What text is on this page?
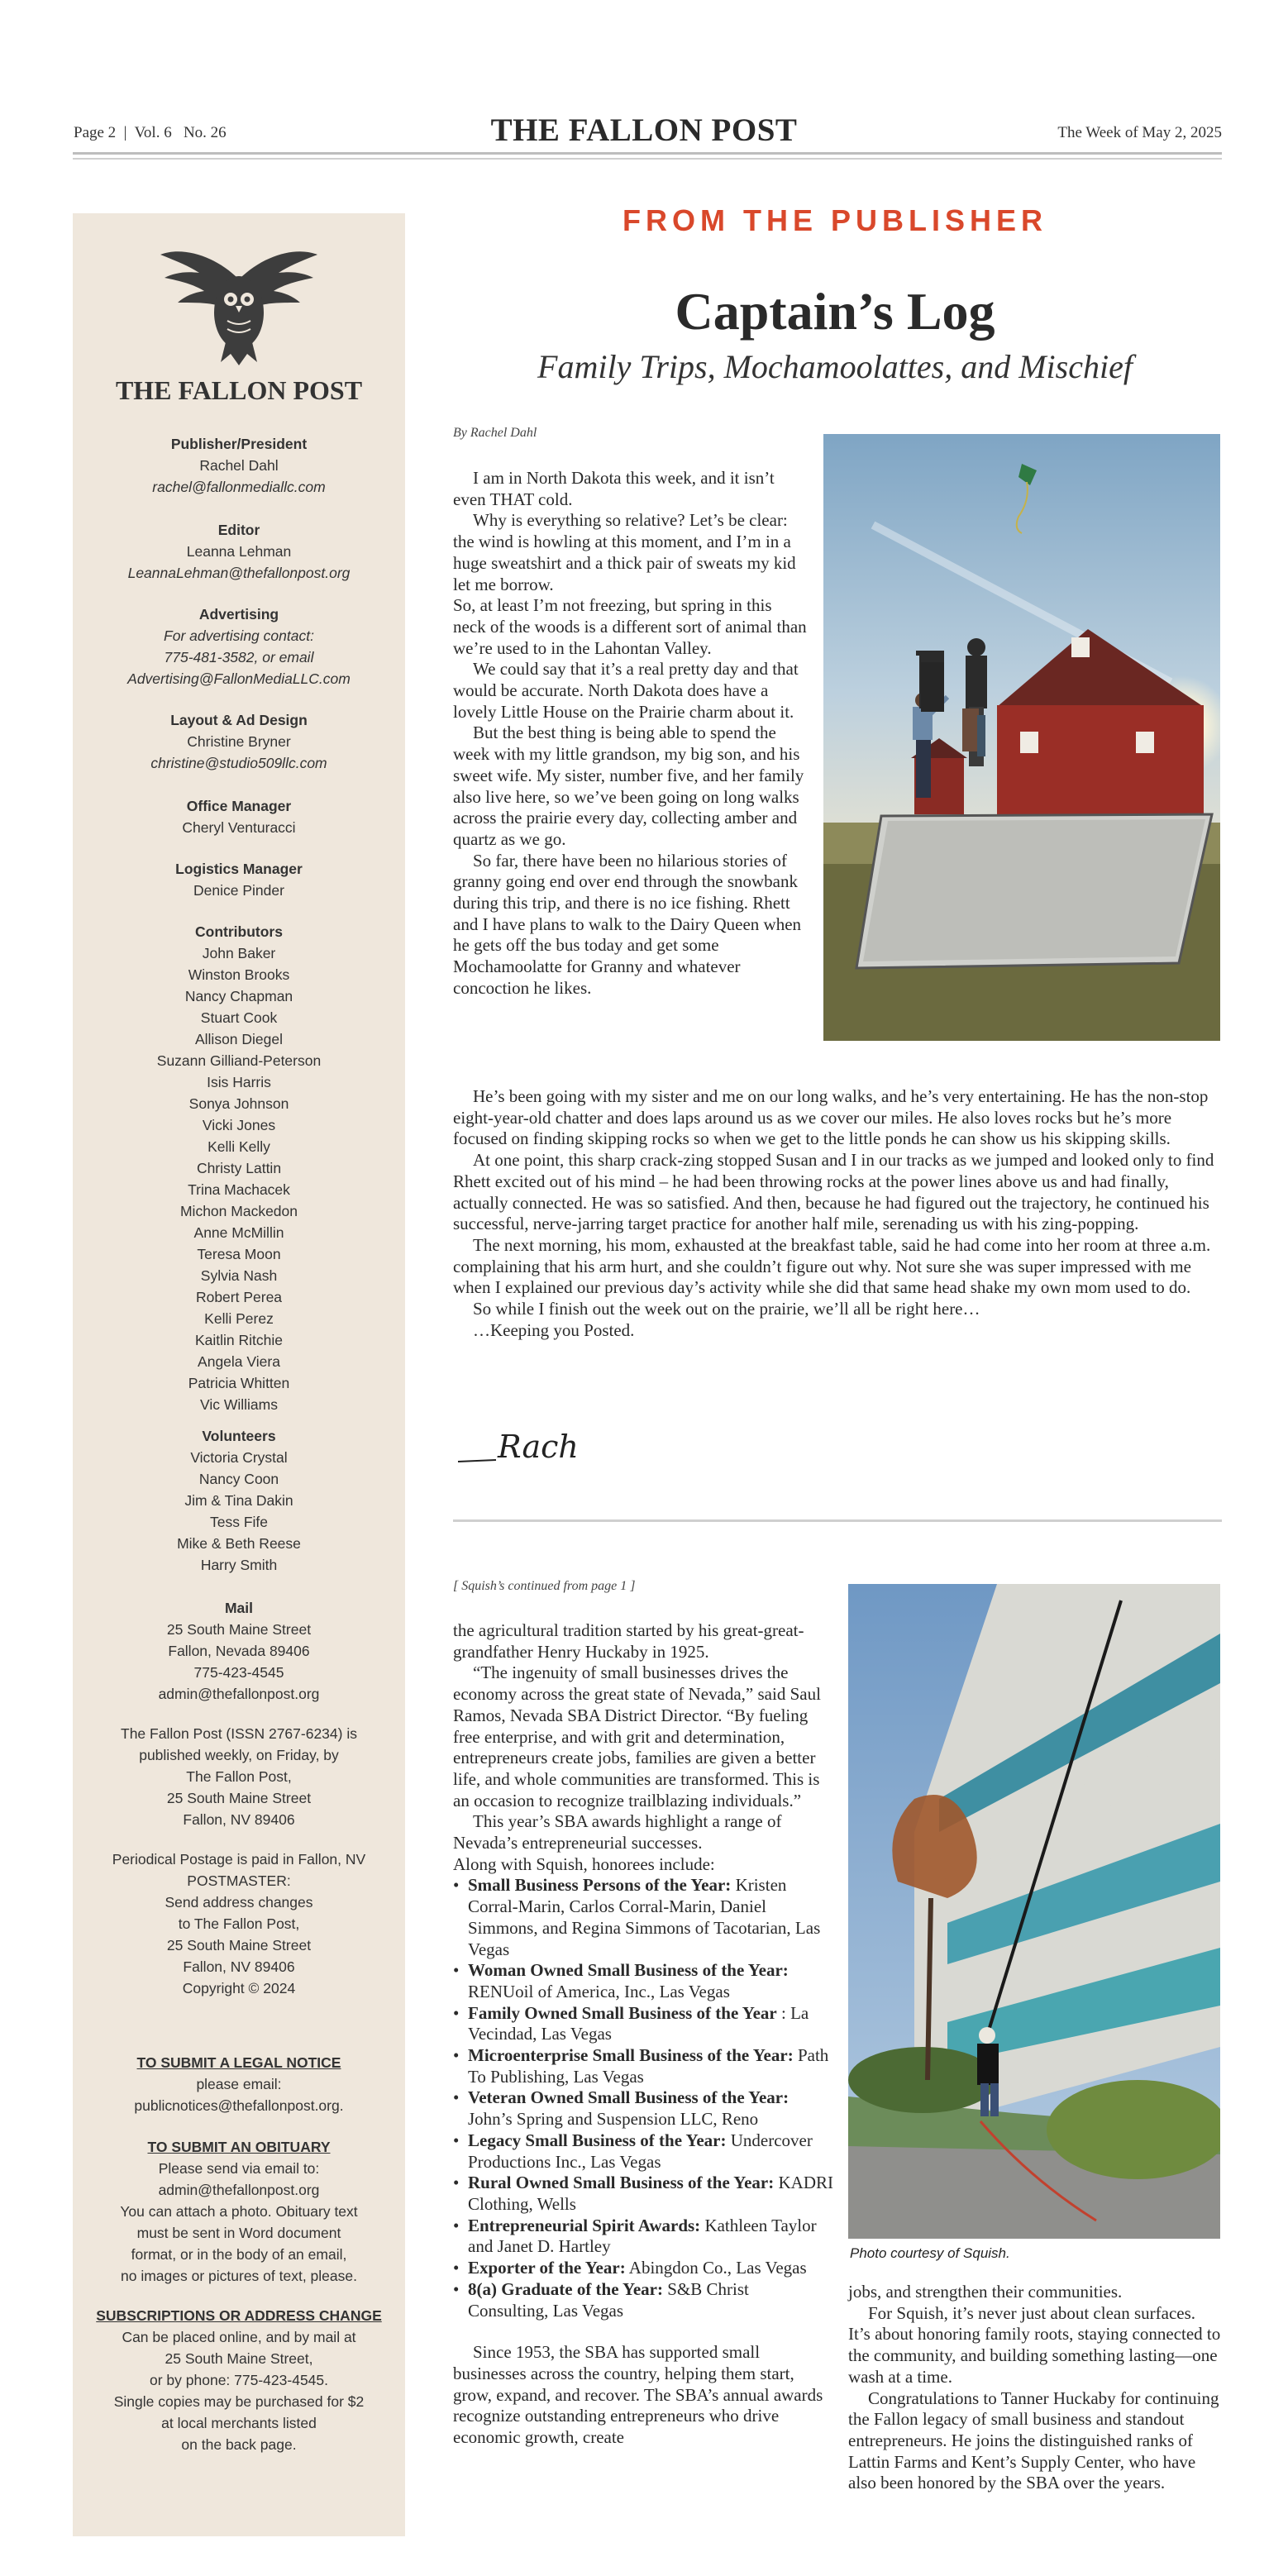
Page 2  |  Vol. 6   No. 26	THE FALLON POST	The Week of May 2, 2025
THE FALLON POST
Publisher/President
Rachel Dahl
rachel@fallonmediallc.com
Editor
Leanna Lehman
LeannaLehman@thefallonpost.org
Advertising
For advertising contact:
775-481-3582, or email
Advertising@FallonMediaLLC.com
Layout & Ad Design
Christine Bryner
christine@studio509llc.com
Office Manager
Cheryl Venturacci
Logistics Manager
Denice Pinder
Contributors
John Baker
Winston Brooks
Nancy Chapman
Stuart Cook
Allison Diegel
Suzann Gilliand-Peterson
Isis Harris
Sonya Johnson
Vicki Jones
Kelli Kelly
Christy Lattin
Trina Machacek
Michon Mackedon
Anne McMillin
Teresa Moon
Sylvia Nash
Robert Perea
Kelli Perez
Kaitlin Ritchie
Angela Viera
Patricia Whitten
Vic Williams
Volunteers
Victoria Crystal
Nancy Coon
Jim & Tina Dakin
Tess Fife
Mike & Beth Reese
Harry Smith
Mail
25 South Maine Street
Fallon, Nevada 89406
775-423-4545
admin@thefallonpost.org
The Fallon Post (ISSN 2767-6234) is
published weekly, on Friday, by
The Fallon Post,
25 South Maine Street
Fallon, NV 89406
Periodical Postage is paid in Fallon, NV
POSTMASTER:
Send address changes
to The Fallon Post,
25 South Maine Street
Fallon, NV 89406
Copyright © 2024
TO SUBMIT A LEGAL NOTICE
please email:
publicnotices@thefallonpost.org.
TO SUBMIT AN OBITUARY
Please send via email to:
admin@thefallonpost.org
You can attach a photo. Obituary text
must be sent in Word document
format, or in the body of an email,
no images or pictures of text, please.
SUBSCRIPTIONS OR ADDRESS CHANGE
Can be placed online, and by mail at
25 South Maine Street,
or by phone: 775-423-4545.
Single copies may be purchased for $2
at local merchants listed
on the back page.
FROM THE PUBLISHER
Captain’s Log
Family Trips, Mochamoolattes, and Mischief
By Rachel Dahl

I am in North Dakota this week, and it isn’t even THAT cold.

Why is everything so relative? Let’s be clear: the wind is howling at this moment, and I’m in a huge sweatshirt and a thick pair of sweats my kid let me borrow.

So, at least I’m not freezing, but spring in this neck of the woods is a different sort of animal than we’re used to in the Lahontan Valley.

We could say that it’s a real pretty day and that would be accurate. North Dakota does have a lovely Little House on the Prairie charm about it.

But the best thing is being able to spend the week with my little grandson, my big son, and his sweet wife. My sister, number five, and her family also live here, so we’ve been going on long walks across the prairie every day, collecting amber and quartz as we go.

So far, there have been no hilarious stories of granny going end over end through the snowbank during this trip, and there is no ice fishing. Rhett and I have plans to walk to the Dairy Queen when he gets off the bus today and get some Mochamoolatte for Granny and whatever concoction he likes.

He’s been going with my sister and me on our long walks, and he’s very entertaining. He has the non-stop eight-year-old chatter and does laps around us as we cover our miles. He also loves rocks but he’s more focused on finding skipping rocks so when we get to the little ponds he can show us his skipping skills.

At one point, this sharp crack-zing stopped Susan and I in our tracks as we jumped and looked only to find Rhett excited out of his mind – he had been throwing rocks at the power lines above us and had finally, actually connected. He was so satisfied. And then, because he had figured out the trajectory, he continued his successful, nerve-jarring target practice for another half mile, serenading us with his zing-popping.

The next morning, his mom, exhausted at the breakfast table, said he had come into her room at three a.m. complaining that his arm hurt, and she couldn’t figure out why. Not sure she was super impressed with me when I explained our previous day’s activity while she did that same head shake my own mom used to do.

So while I finish out the week out on the prairie, we’ll all be right here…

…Keeping you Posted.

Rach
[ Squish’s continued from page 1 ]
Photo courtesy of Squish.

the agricultural tradition started by his great-great-grandfather Henry Huckaby in 1925.

“The ingenuity of small businesses drives the economy across the great state of Nevada,” said Saul Ramos, Nevada SBA District Director. “By fueling free enterprise, and with grit and determination, entrepreneurs create jobs, families are given a better life, and whole communities are transformed. This is an occasion to recognize trailblazing individuals.”

This year’s SBA awards highlight a range of Nevada’s entrepreneurial successes.

Along with Squish, honorees include:

• Small Business Persons of the Year: Kristen Corral-Marin, Carlos Corral-Marin, Daniel Simmons, and Regina Simmons of Tacotarian, Las Vegas
• Woman Owned Small Business of the Year: RENUoil of America, Inc., Las Vegas
• Family Owned Small Business of the Year : La Vecindad, Las Vegas
• Microenterprise Small Business of the Year: Path To Publishing, Las Vegas
• Veteran Owned Small Business of the Year: John’s Spring and Suspension LLC, Reno
• Legacy Small Business of the Year: Undercover Productions Inc., Las Vegas
• Rural Owned Small Business of the Year: KADRI Clothing, Wells
• Entrepreneurial Spirit Awards: Kathleen Taylor and Janet D. Hartley
• Exporter of the Year: Abingdon Co., Las Vegas
• 8(a) Graduate of the Year: S&B Christ Consulting, Las Vegas

Since 1953, the SBA has supported small businesses across the country, helping them start, grow, expand, and recover. The SBA’s annual awards recognize outstanding entrepreneurs who drive economic growth, create

jobs, and strengthen their communities.

For Squish, it’s never just about clean surfaces. It’s about honoring family roots, staying connected to the community, and building something lasting—one wash at a time.

Congratulations to Tanner Huckaby for continuing the Fallon legacy of small business and standout entrepreneurs. He joins the distinguished ranks of Lattin Farms and Kent’s Supply Center, who have also been honored by the SBA over the years.
